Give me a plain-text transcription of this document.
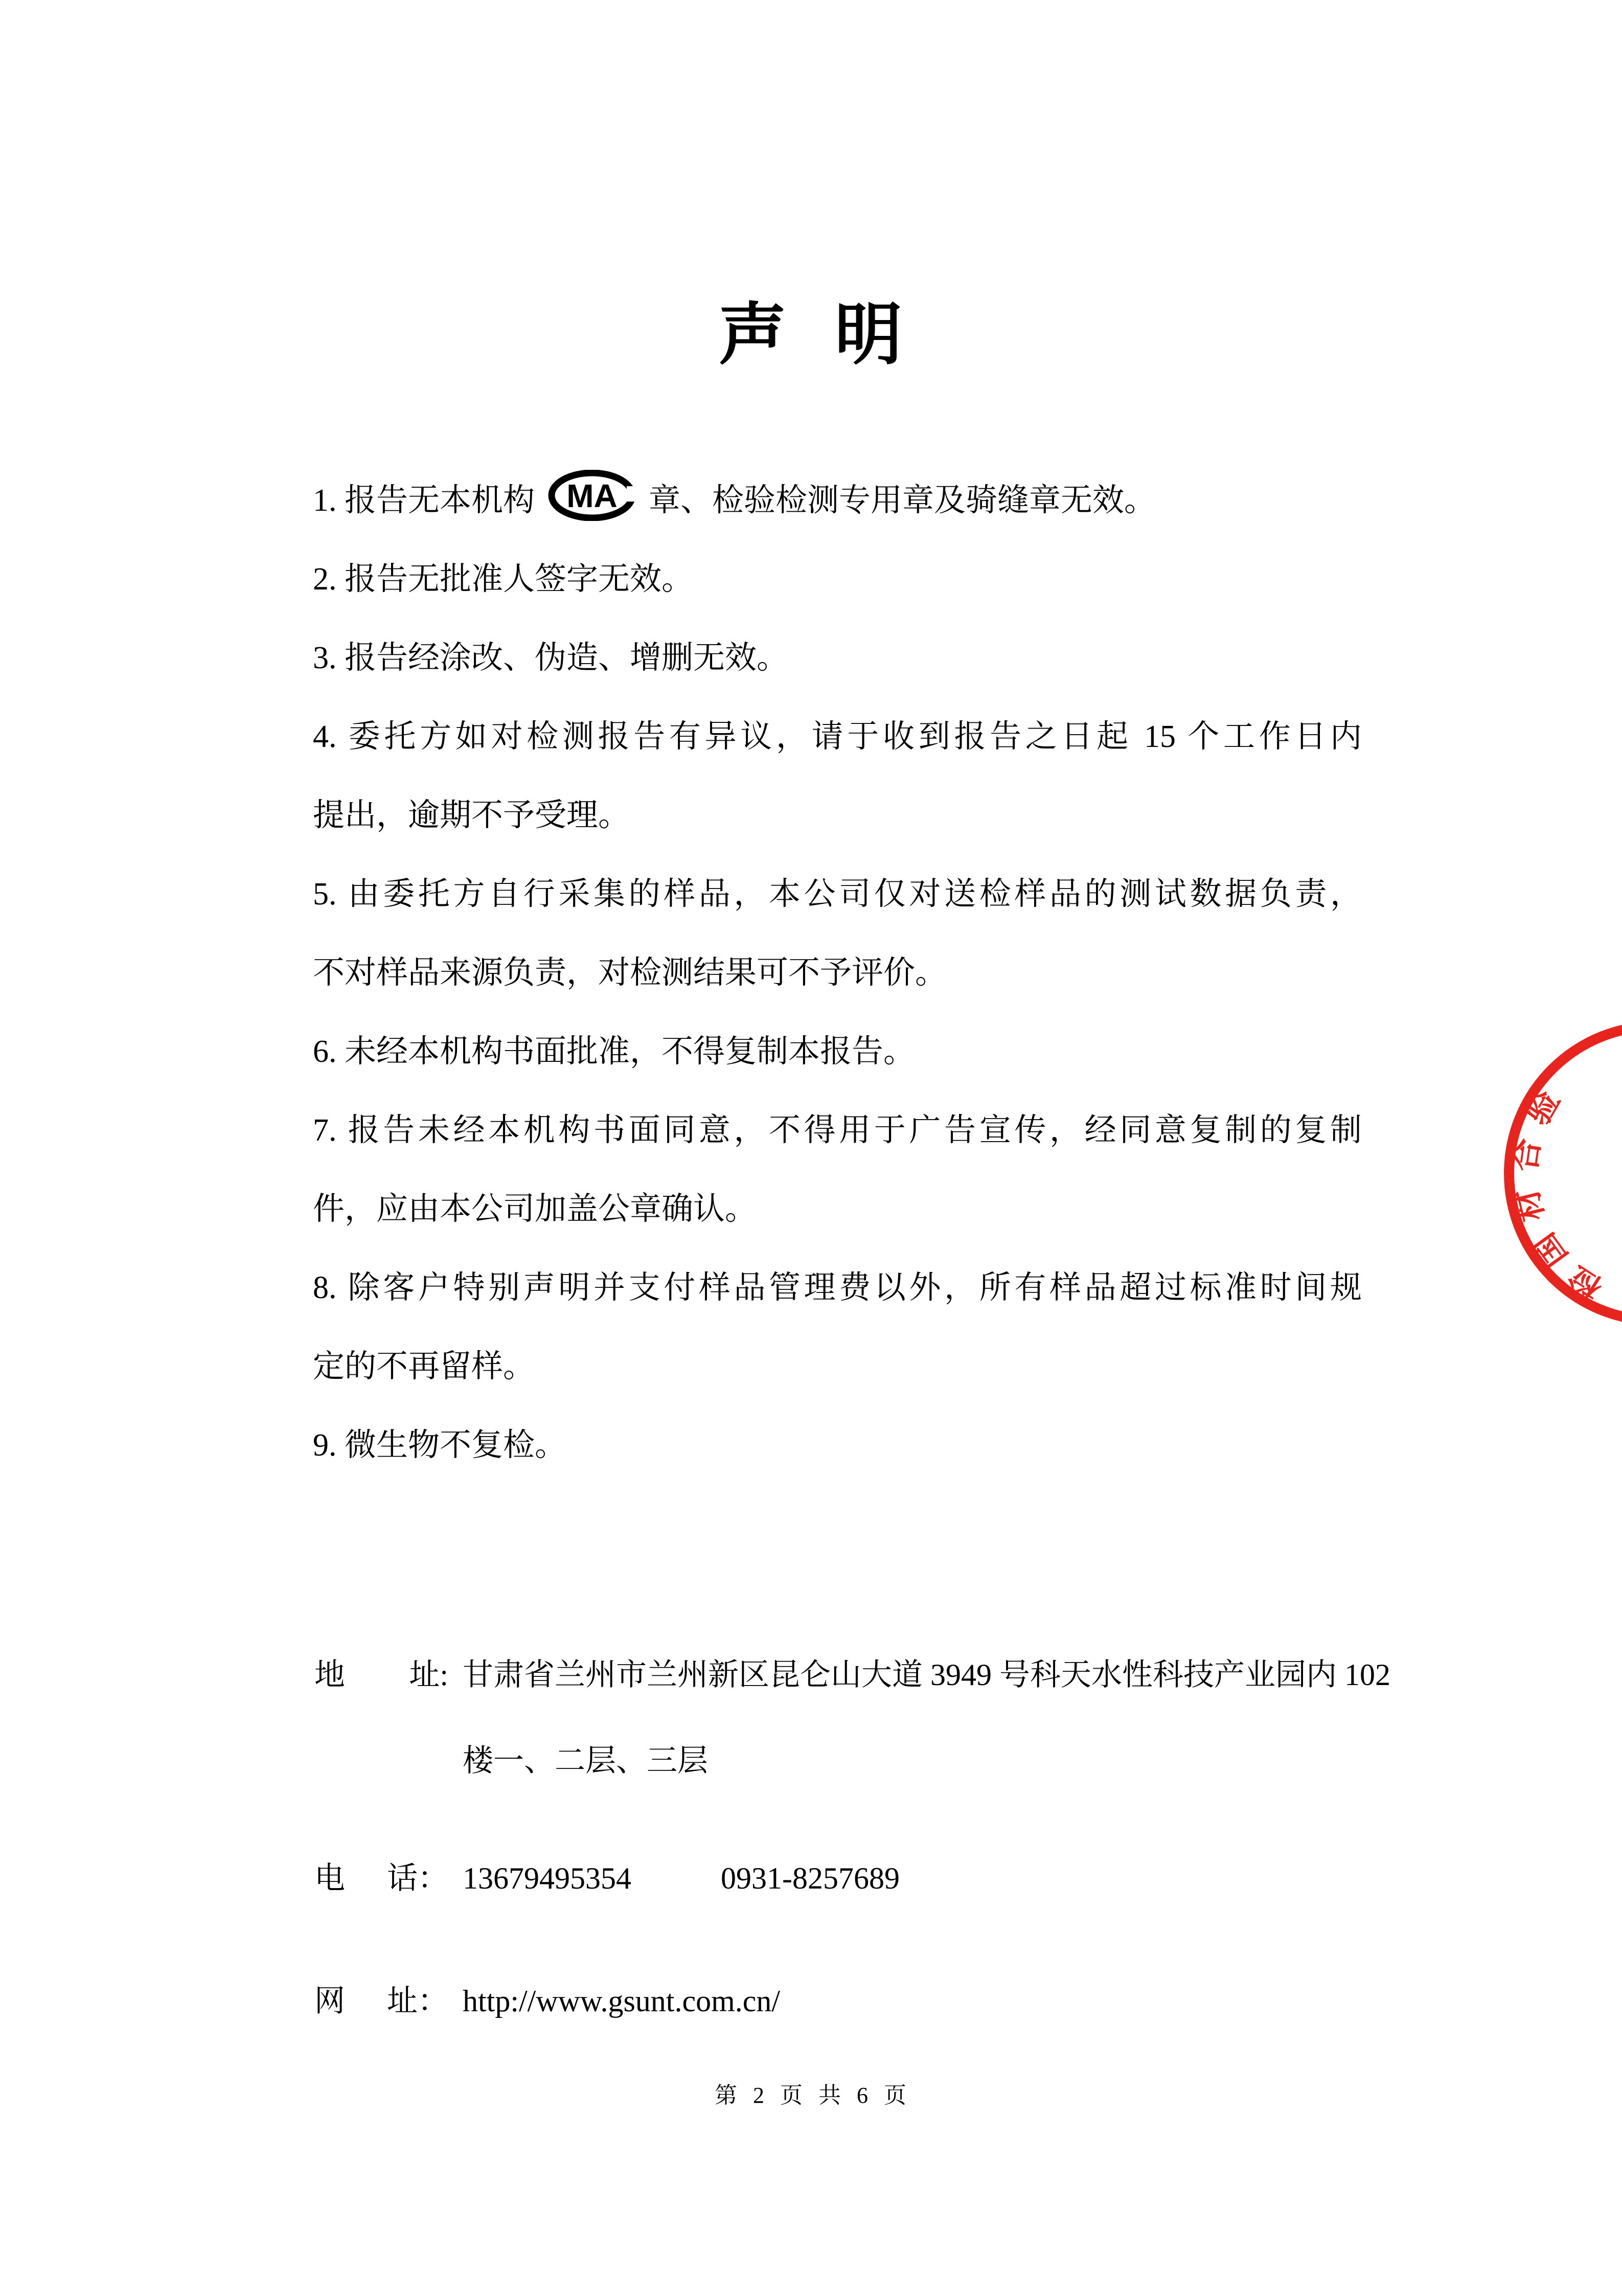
声 明
1. 报告无本机构 MA 章、检验检测专用章及骑缝章无效。
2. 报告无批准人签字无效。
3. 报告经涂改、伪造、增删无效。
4. 委托方如对检测报告有异议，请于收到报告之日起 15 个工作日内
提出，逾期不予受理。
5. 由委托方自行采集的样品，本公司仅对送检样品的测试数据负责，
不对样品来源负责，对检测结果可不予评价。
6. 未经本机构书面批准，不得复制本报告。
7. 报告未经本机构书面同意，不得用于广告宣传，经同意复制的复制
件，应由本公司加盖公章确认。
8. 除客户特别声明并支付样品管理费以外，所有样品超过标准时间规
定的不再留样。
9. 微生物不复检。
地 址: 甘肃省兰州市兰州新区昆仑山大道 3949 号科天水性科技产业园内 102
楼一、二层、三层
电 话： 13679495354	0931-8257689
网 址： http://www.gsunt.com.cn/
第 2 页 共 6 页
验
合
材
国
检
